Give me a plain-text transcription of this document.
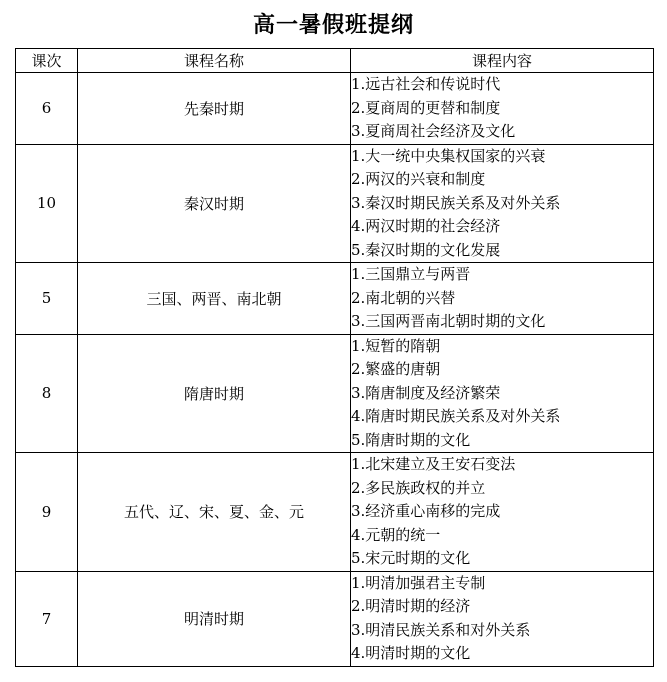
高一暑假班提纲
课次	课程名称	课程内容
6	先秦时期	1.远古社会和传说时代
2.夏商周的更替和制度
3.夏商周社会经济及文化

10	秦汉时期	1.大一统中央集权国家的兴衰
2.两汉的兴衰和制度
3.秦汉时期民族关系及对外关系
4.两汉时期的社会经济
5.秦汉时期的文化发展

5	三国、两晋、南北朝	1.三国鼎立与两晋
2.南北朝的兴替
3.三国两晋南北朝时期的文化

8	隋唐时期	1.短暂的隋朝
2.繁盛的唐朝
3.隋唐制度及经济繁荣
4.隋唐时期民族关系及对外关系
5.隋唐时期的文化

9	五代、辽、宋、夏、金、元	1.北宋建立及王安石变法
2.多民族政权的并立
3.经济重心南移的完成
4.元朝的统一
5.宋元时期的文化

7	明清时期	1.明清加强君主专制
2.明清时期的经济
3.明清民族关系和对外关系
4.明清时期的文化
